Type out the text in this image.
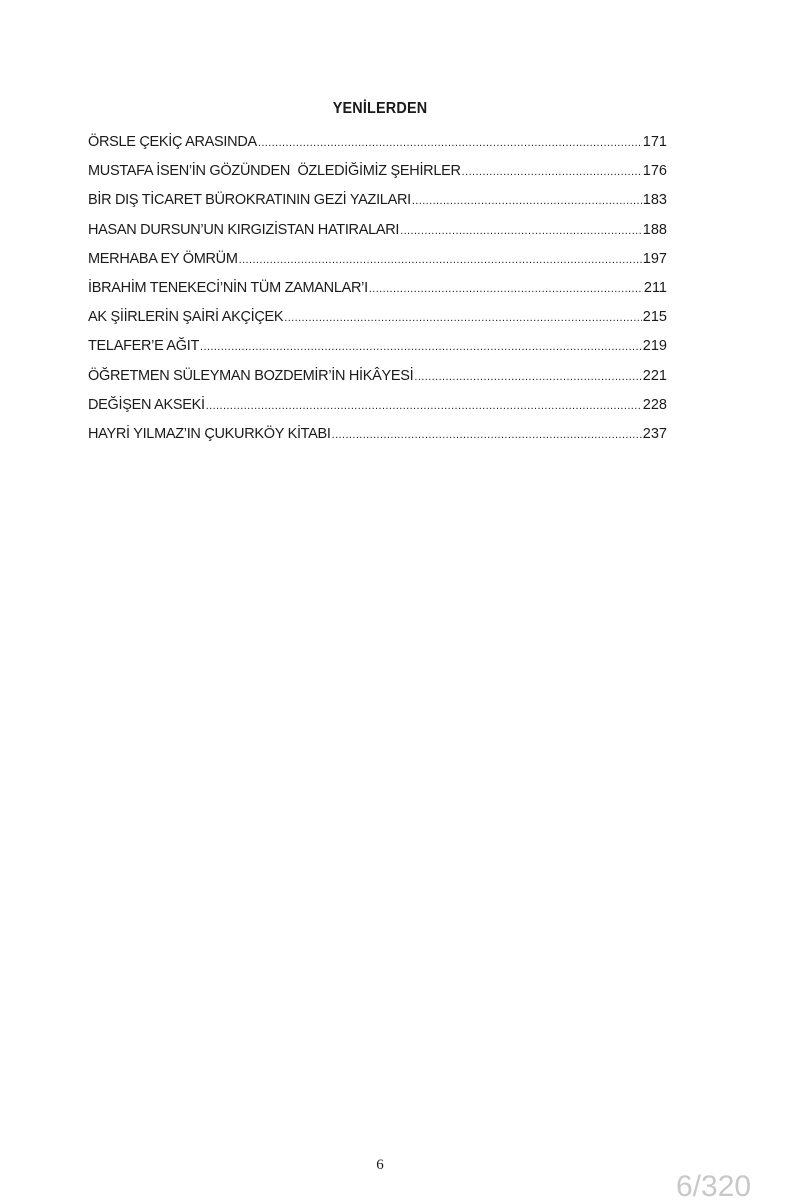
YENİLERDEN
ÖRSLE ÇEKİÇ ARASINDA .....	171
MUSTAFA İSEN’İN GÖZÜNDEN  ÖZLEDİĞİMİZ ŞEHİRLER .....	176
BİR DIŞ TİCARET BÜROKRATININ GEZİ YAZILARI .....	183
HASAN DURSUN’UN KIRGIZİSTAN HATIRALARI .....	188
MERHABA EY ÖMRÜM .....	197
İBRAHİM TENEKECİ’NİN TÜM ZAMANLAR’I .....	211
AK ŞİİRLERİN ŞAİRİ AKÇİÇEK .....	215
TELAFER’E AĞIT .....	219
ÖĞRETMEN SÜLEYMAN BOZDEMİR’İN HİKÂYESİ .....	221
DEĞİŞEN AKSEKİ .....	228
HAYRİ YILMAZ’IN ÇUKURKÖY KİTABI .....	237
6
6/320
